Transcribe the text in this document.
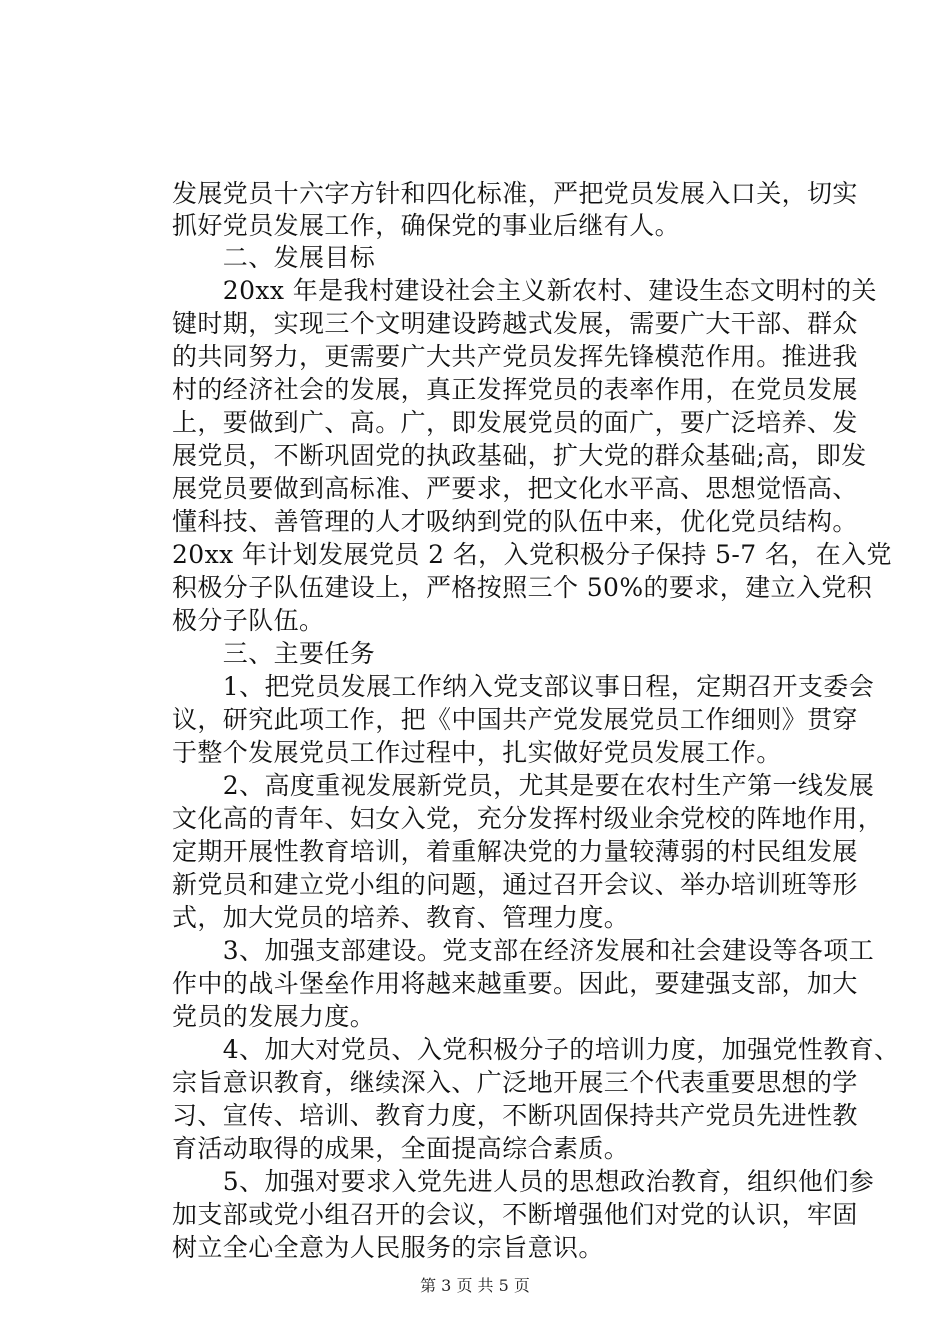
发展党员十六字方针和四化标准，严把党员发展入口关，切实
抓好党员发展工作，确保党的事业后继有人。
　　二、发展目标
　　20xx 年是我村建设社会主义新农村、建设生态文明村的关
键时期，实现三个文明建设跨越式发展，需要广大干部、群众
的共同努力，更需要广大共产党员发挥先锋模范作用。推进我
村的经济社会的发展，真正发挥党员的表率作用，在党员发展
上，要做到广、高。广，即发展党员的面广，要广泛培养、发
展党员，不断巩固党的执政基础，扩大党的群众基础;高，即发
展党员要做到高标准、严要求，把文化水平高、思想觉悟高、
懂科技、善管理的人才吸纳到党的队伍中来，优化党员结构。
20xx 年计划发展党员 2 名，入党积极分子保持 5-7 名，在入党
积极分子队伍建设上，严格按照三个 50%的要求，建立入党积
极分子队伍。
　　三、主要任务
　　1、把党员发展工作纳入党支部议事日程，定期召开支委会
议，研究此项工作，把《中国共产党发展党员工作细则》贯穿
于整个发展党员工作过程中，扎实做好党员发展工作。
　　2、高度重视发展新党员，尤其是要在农村生产第一线发展
文化高的青年、妇女入党，充分发挥村级业余党校的阵地作用，
定期开展性教育培训，着重解决党的力量较薄弱的村民组发展
新党员和建立党小组的问题，通过召开会议、举办培训班等形
式，加大党员的培养、教育、管理力度。
　　3、加强支部建设。党支部在经济发展和社会建设等各项工
作中的战斗堡垒作用将越来越重要。因此，要建强支部，加大
党员的发展力度。
　　4、加大对党员、入党积极分子的培训力度，加强党性教育、
宗旨意识教育，继续深入、广泛地开展三个代表重要思想的学
习、宣传、培训、教育力度，不断巩固保持共产党员先进性教
育活动取得的成果，全面提高综合素质。
　　5、加强对要求入党先进人员的思想政治教育，组织他们参
加支部或党小组召开的会议，不断增强他们对党的认识，牢固
树立全心全意为人民服务的宗旨意识。
第 3 页 共 5 页
